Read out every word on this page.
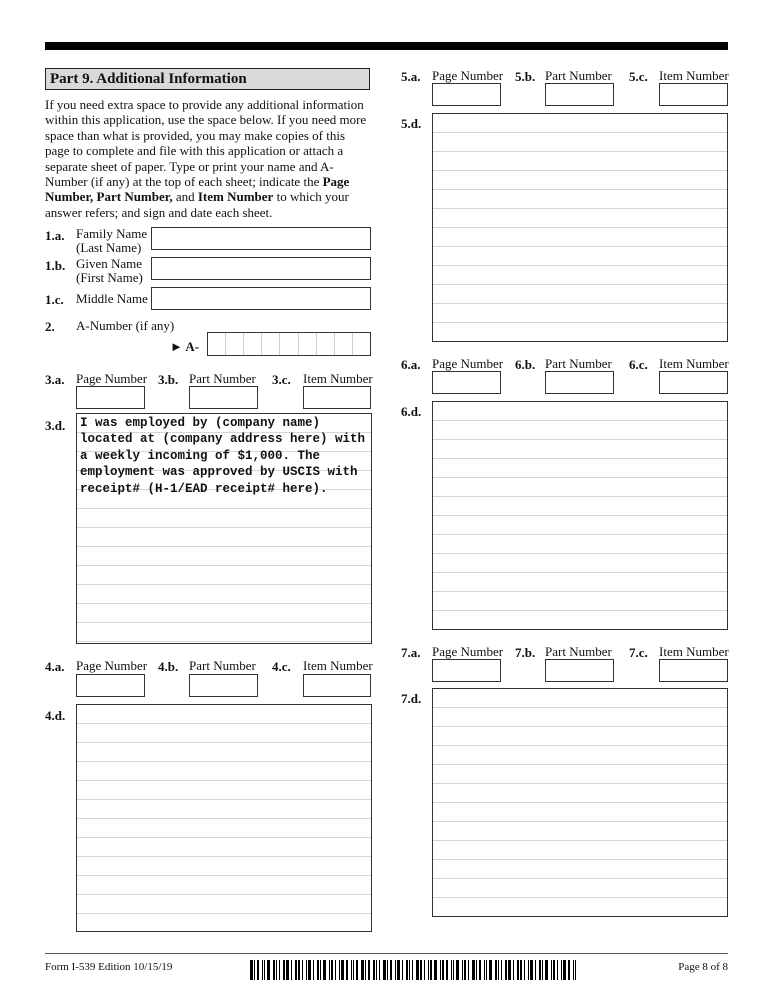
Part 9. Additional Information
If you need extra space to provide any additional information within this application, use the space below. If you need more space than what is provided, you may make copies of this page to complete and file with this application or attach a separate sheet of paper. Type or print your name and A-Number (if any) at the top of each sheet; indicate the Page Number, Part Number, and Item Number to which your answer refers; and sign and date each sheet.
1.a. Family Name
(Last Name)
1.b. Given Name
(First Name)
1.c. Middle Name
2. A-Number (if any)
► A-
3.a. Page Number 3.b. Part Number 3.c. Item Number
3.d.	I was employed by (company name)
located at (company address here) with
a weekly incoming of $1,000. The
employment was approved by USCIS with
receipt# (H-1/EAD receipt# here).
4.a. Page Number 4.b. Part Number 4.c. Item Number
4.d.
5.a. Page Number 5.b. Part Number 5.c. Item Number
5.d.
6.a. Page Number 6.b. Part Number 6.c. Item Number
6.d.
7.a. Page Number 7.b. Part Number 7.c. Item Number
7.d.
Form I-539 Edition 10/15/19	Page 8 of 8
